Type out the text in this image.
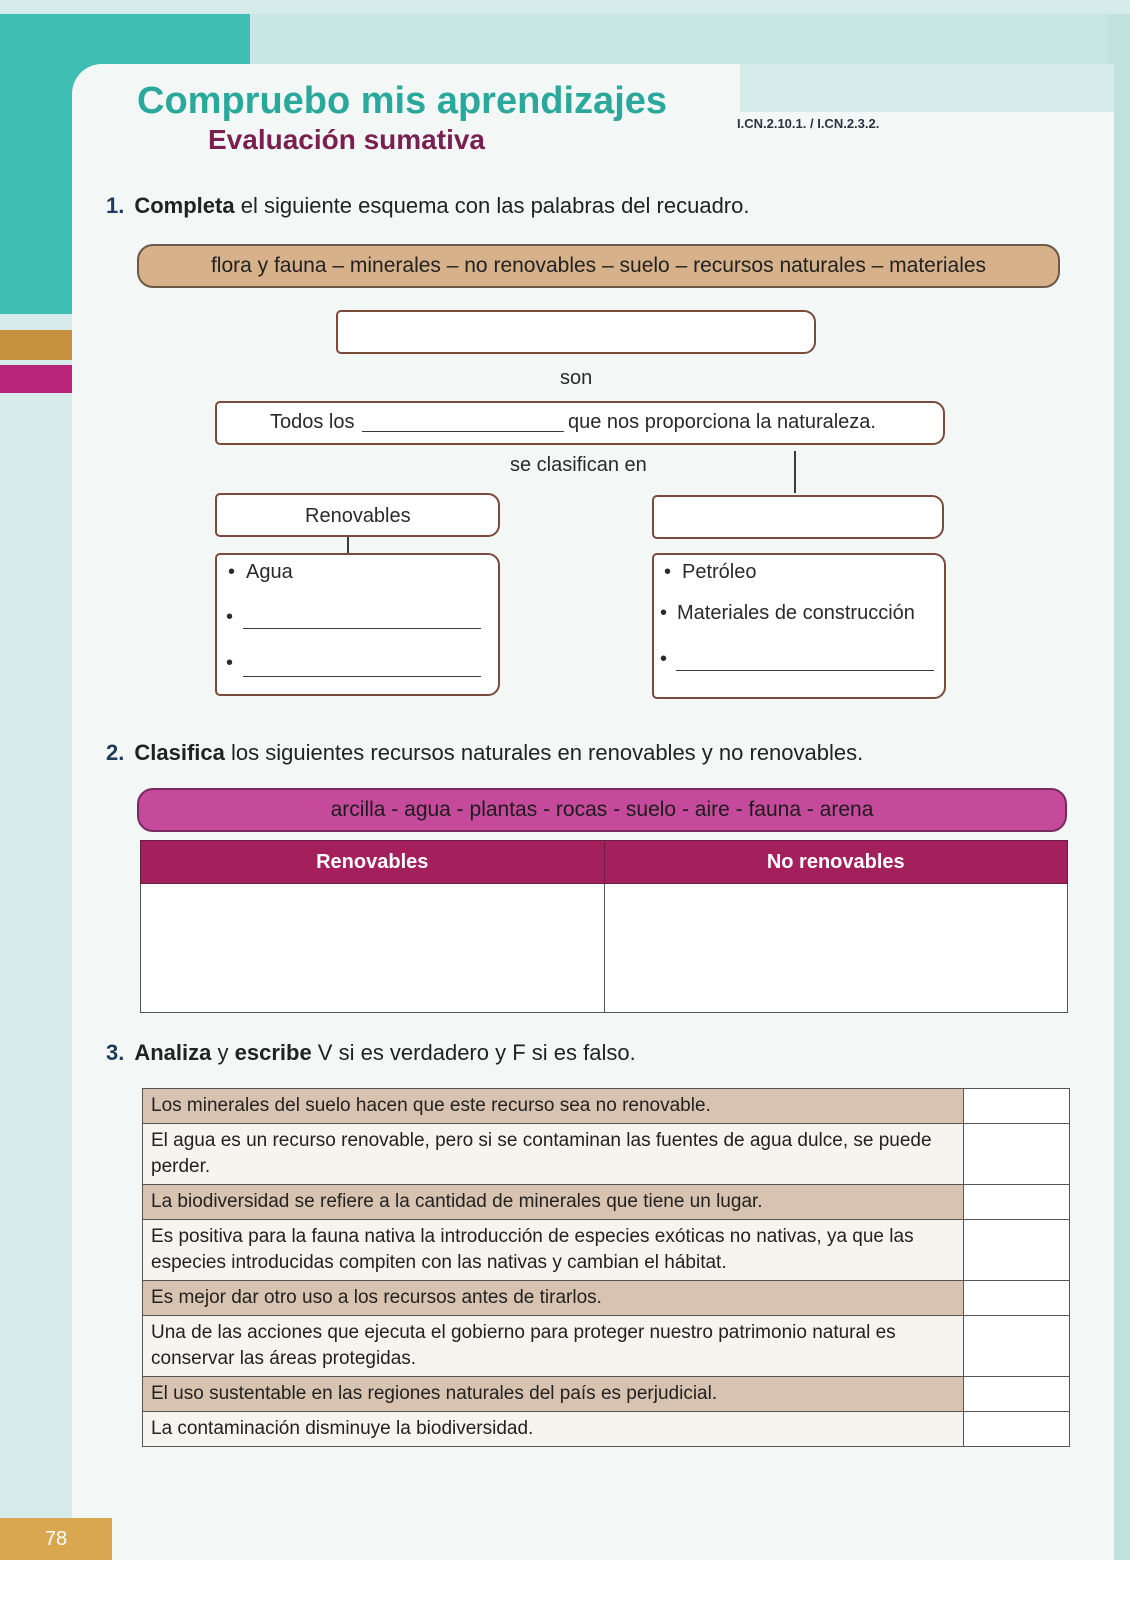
78
Compruebo mis aprendizajes
Evaluación sumativa
I.CN.2.10.1. / I.CN.2.3.2.
1. Completa el siguiente esquema con las palabras del recuadro.
flora y fauna – minerales – no renovables – suelo – recursos naturales – materiales
son
Todos los	que nos proporciona la naturaleza.
se clasifican en
Renovables
• Agua
•
•
• Petróleo
• Materiales de construcción
•
2. Clasifica los siguientes recursos naturales en renovables y no renovables.
arcilla - agua - plantas - rocas - suelo - aire - fauna - arena
Renovables	No renovables

3. Analiza y escribe V si es verdadero y F si es falso.
Los minerales del suelo hacen que este recurso sea no renovable.	
El agua es un recurso renovable, pero si se contaminan las fuentes de agua dulce, se puede perder.	
La biodiversidad se refiere a la cantidad de minerales que tiene un lugar.	
Es positiva para la fauna nativa la introducción de especies exóticas no nativas, ya que las especies introducidas compiten con las nativas y cambian el hábitat.	
Es mejor dar otro uso a los recursos antes de tirarlos.	
Una de las acciones que ejecuta el gobierno para proteger nuestro patrimonio natural es conservar las áreas protegidas.	
El uso sustentable en las regiones naturales del país es perjudicial.	
La contaminación disminuye la biodiversidad.	
